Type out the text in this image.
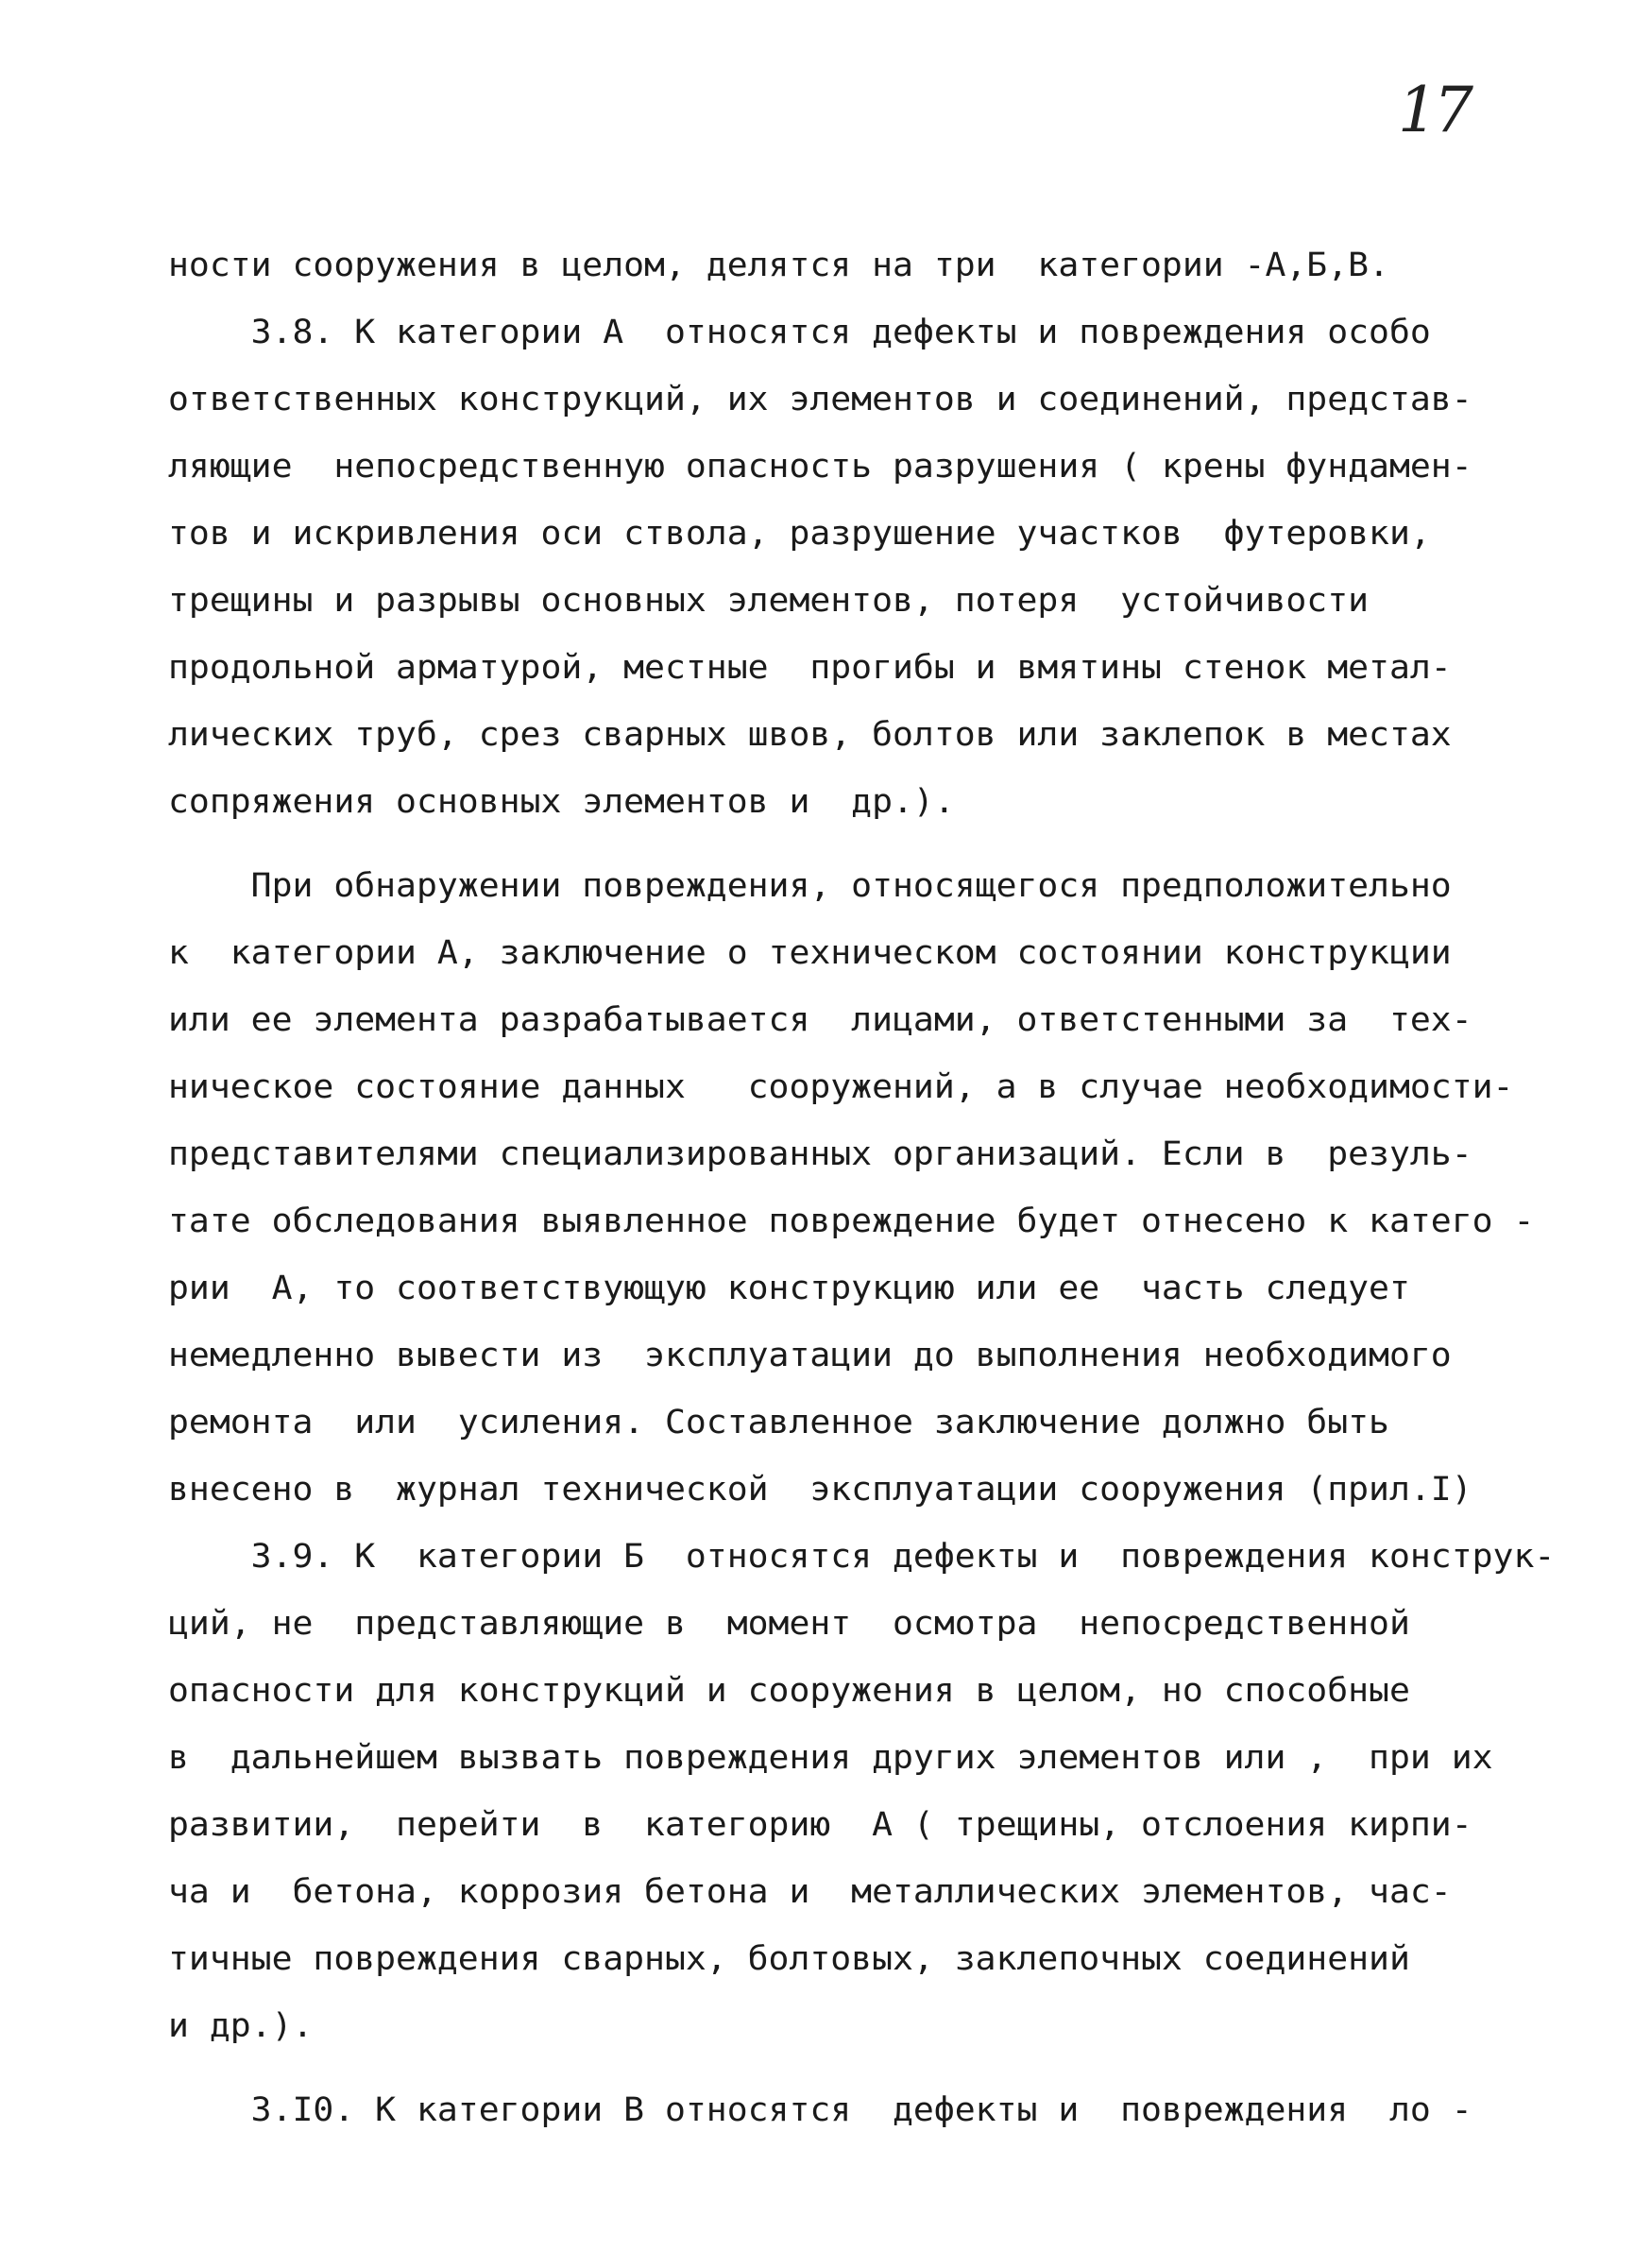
17
ности сооружения в целом, делятся на три  категории -А,Б,В.
3.8. К категории А  относятся дефекты и повреждения особо
ответственных конструкций, их элементов и соединений, представ-
ляющие  непосредственную опасность разрушения ( крены фундамен-
тов и искривления оси ствола, разрушение участков  футеровки,
трещины и разрывы основных элементов, потеря  устойчивости
продольной арматурой, местные  прогибы и вмятины стенок метал-
лических труб, срез сварных швов, болтов или заклепок в местах
сопряжения основных элементов и  др.).
При обнаружении повреждения, относящегося предположительно
к  категории А, заключение о техническом состоянии конструкции
или ее элемента разрабатывается  лицами, ответстенными за  тех-
ническое состояние данных   сооружений, а в случае необходимости-
представителями специализированных организаций. Если в  резуль-
тате обследования выявленное повреждение будет отнесено к катего -
рии  А, то соответствующую конструкцию или ее  часть следует
немедленно вывести из  эксплуатации до выполнения необходимого
ремонта  или  усиления. Составленное заключение должно быть
внесено в  журнал технической  эксплуатации сооружения (прил.I)
3.9. К  категории Б  относятся дефекты и  повреждения конструк-
ций, не  представляющие в  момент  осмотра  непосредственной
опасности для конструкций и сооружения в целом, но способные
в  дальнейшем вызвать повреждения других элементов или ,  при их
развитии,  перейти  в  категорию  А ( трещины, отслоения кирпи-
ча и  бетона, коррозия бетона и  металлических элементов, час-
тичные повреждения сварных, болтовых, заклепочных соединений
и др.).
3.I0. К категории В относятся  дефекты и  повреждения  ло -
